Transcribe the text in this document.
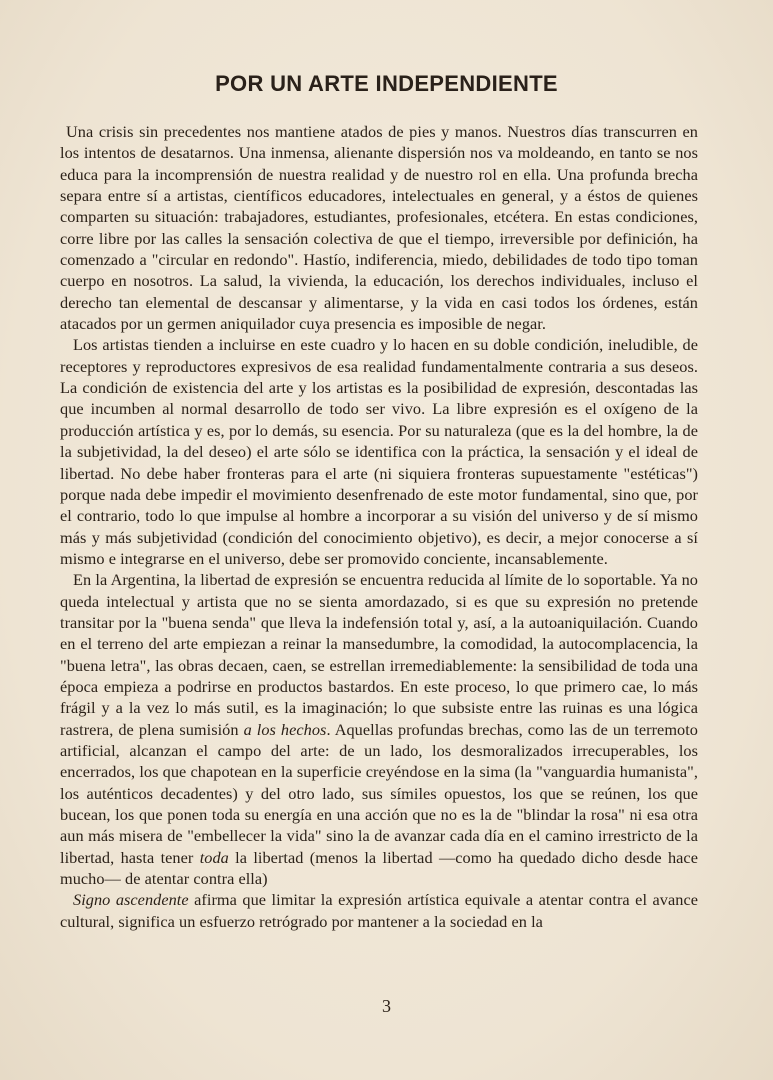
POR UN ARTE INDEPENDIENTE

Una crisis sin precedentes nos mantiene atados de pies y manos. Nuestros días transcurren en los intentos de desatarnos. Una inmensa, alienante dispersión nos va moldeando, en tanto se nos educa para la incomprensión de nuestra realidad y de nuestro rol en ella. Una profunda brecha separa entre sí a artistas, científicos educadores, intelectuales en general, y a éstos de quienes comparten su situación: trabajadores, estudiantes, profesionales, etcétera. En estas condiciones, corre libre por las calles la sensación colectiva de que el tiempo, irreversible por definición, ha comenzado a "circular en redondo". Hastío, indiferencia, miedo, debilidades de todo tipo toman cuerpo en nosotros. La salud, la vivienda, la educación, los derechos individuales, incluso el derecho tan elemental de descansar y alimentarse, y la vida en casi todos los órdenes, están atacados por un germen aniquilador cuya presencia es imposible de negar.

Los artistas tienden a incluirse en este cuadro y lo hacen en su doble condición, ineludible, de receptores y reproductores expresivos de esa realidad fundamentalmente contraria a sus deseos. La condición de existencia del arte y los artistas es la posibilidad de expresión, descontadas las que incumben al normal desarrollo de todo ser vivo. La libre expresión es el oxígeno de la producción artística y es, por lo demás, su esencia. Por su naturaleza (que es la del hombre, la de la subjetividad, la del deseo) el arte sólo se identifica con la práctica, la sensación y el ideal de libertad. No debe haber fronteras para el arte (ni siquiera fronteras supuestamente "estéticas") porque nada debe impedir el movimiento desenfrenado de este motor fundamental, sino que, por el contrario, todo lo que impulse al hombre a incorporar a su visión del universo y de sí mismo más y más subjetividad (condición del conocimiento objetivo), es decir, a mejor conocerse a sí mismo e integrarse en el universo, debe ser promovido conciente, incansablemente.

En la Argentina, la libertad de expresión se encuentra reducida al límite de lo soportable. Ya no queda intelectual y artista que no se sienta amordazado, si es que su expresión no pretende transitar por la "buena senda" que lleva la indefensión total y, así, a la autoaniquilación. Cuando en el terreno del arte empiezan a reinar la mansedumbre, la comodidad, la autocomplacencia, la "buena letra", las obras decaen, caen, se estrellan irremediablemente: la sensibilidad de toda una época empieza a podrirse en productos bastardos. En este proceso, lo que primero cae, lo más frágil y a la vez lo más sutil, es la imaginación; lo que subsiste entre las ruinas es una lógica rastrera, de plena sumisión a los hechos. Aquellas profundas brechas, como las de un terremoto artificial, alcanzan el campo del arte: de un lado, los desmoralizados irrecuperables, los encerrados, los que chapotean en la superficie creyéndose en la sima (la "vanguardia humanista", los auténticos decadentes) y del otro lado, sus símiles opuestos, los que se reúnen, los que bucean, los que ponen toda su energía en una acción que no es la de "blindar la rosa" ni esa otra aun más misera de "embellecer la vida" sino la de avanzar cada día en el camino irrestricto de la libertad, hasta tener toda la libertad (menos la libertad —como ha quedado dicho desde hace mucho— de atentar contra ella)

Signo ascendente afirma que limitar la expresión artística equivale a atentar contra el avance cultural, significa un esfuerzo retrógrado por mantener a la sociedad en la

3
